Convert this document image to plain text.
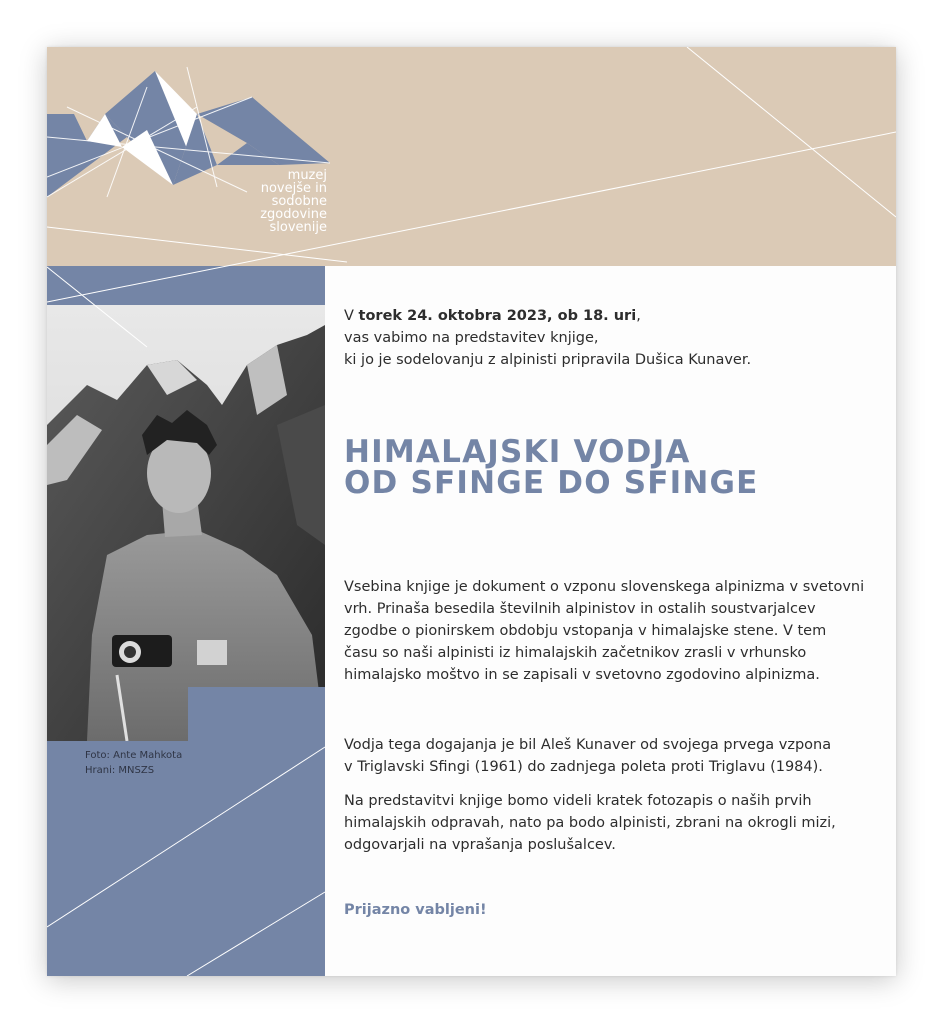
muzej
novejše in
sodobne
zgodovine
slovenije
Foto: Ante Mahkota
Hrani: MNSZS
V torek 24. oktobra 2023, ob 18. uri,
vas vabimo na predstavitev knjige,
ki jo je sodelovanju z alpinisti pripravila Dušica Kunaver.
HIMALAJSKI VODJA
OD SFINGE DO SFINGE
Vsebina knjige je dokument o vzponu slovenskega alpinizma v svetovni
vrh. Prinaša besedila številnih alpinistov in ostalih soustvarjalcev
zgodbe o pionirskem obdobju vstopanja v himalajske stene. V tem
času so naši alpinisti iz himalajskih začetnikov zrasli v vrhunsko
himalajsko moštvo in se zapisali v svetovno zgodovino alpinizma.
Vodja tega dogajanja je bil Aleš Kunaver od svojega prvega vzpona
v Triglavski Sfingi (1961) do zadnjega poleta proti Triglavu (1984).
Na predstavitvi knjige bomo videli kratek fotozapis o naših prvih
himalajskih odpravah, nato pa bodo alpinisti, zbrani na okrogli mizi,
odgovarjali na vprašanja poslušalcev.
Prijazno vabljeni!
